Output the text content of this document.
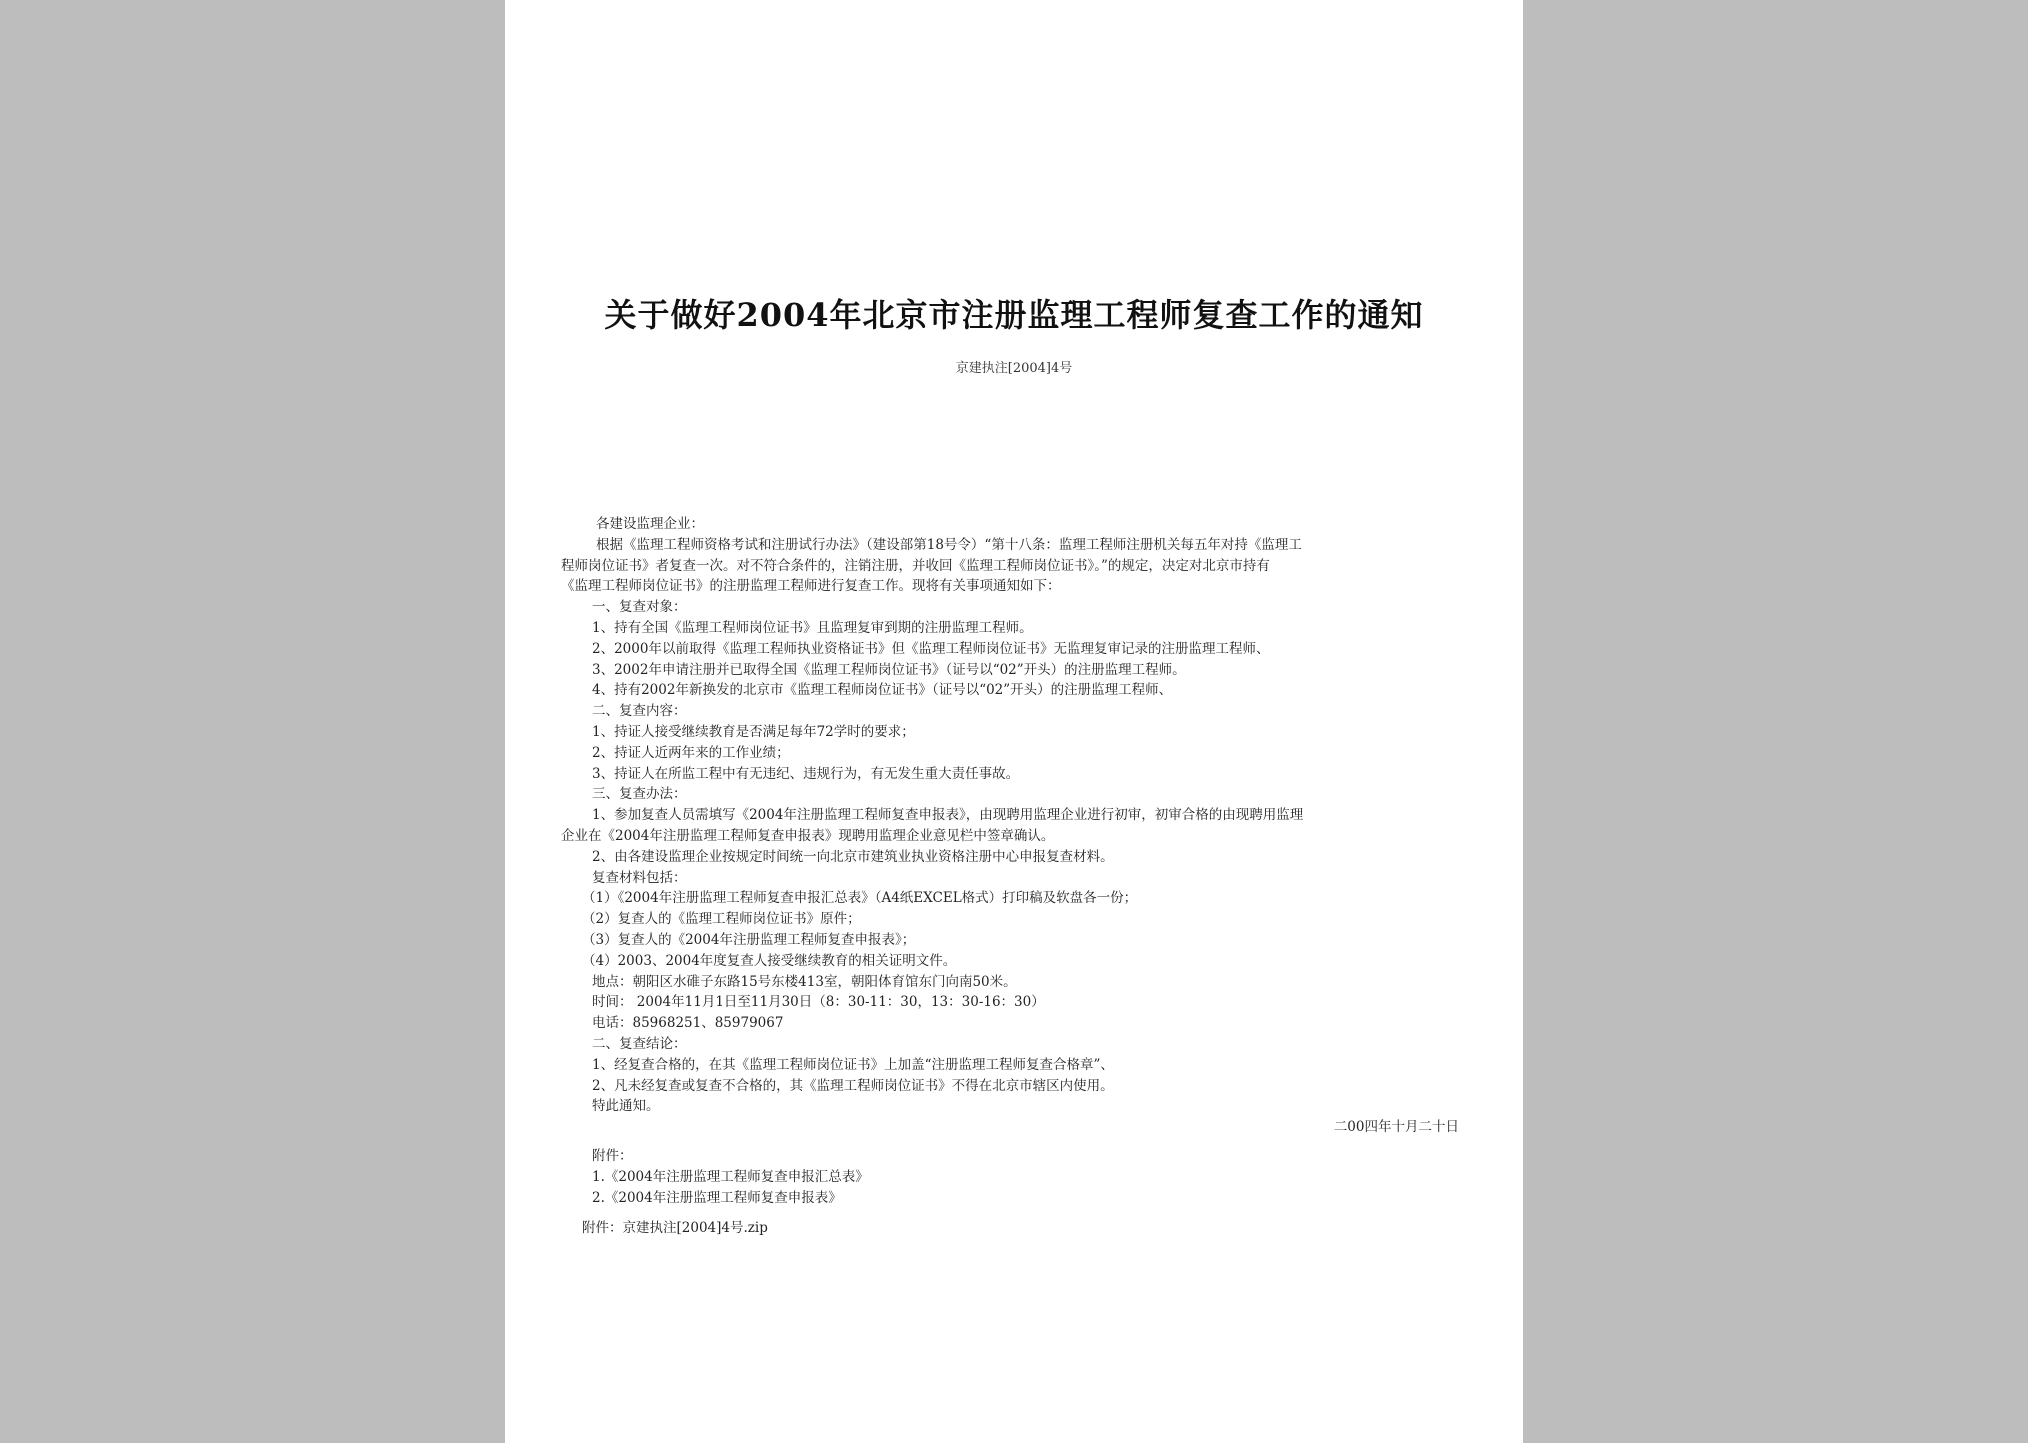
关于做好2004年北京市注册监理工程师复查工作的通知
京建执注[2004]4号
各建设监理企业：
根据《监理工程师资格考试和注册试行办法》（建设部第18号令）“第十八条：监理工程师注册机关每五年对持《监理工
程师岗位证书》者复查一次。对不符合条件的，注销注册，并收回《监理工程师岗位证书》。”的规定，决定对北京市持有
《监理工程师岗位证书》的注册监理工程师进行复查工作。现将有关事项通知如下：
一、复查对象：
1、持有全国《监理工程师岗位证书》且监理复审到期的注册监理工程师。
2、2000年以前取得《监理工程师执业资格证书》但《监理工程师岗位证书》无监理复审记录的注册监理工程师、
3、2002年申请注册并已取得全国《监理工程师岗位证书》（证号以“02”开头）的注册监理工程师。
4、持有2002年新换发的北京市《监理工程师岗位证书》（证号以“02”开头）的注册监理工程师、
二、复查内容：
1、持证人接受继续教育是否满足每年72学时的要求；
2、持证人近两年来的工作业绩；
3、持证人在所监工程中有无违纪、违规行为，有无发生重大责任事故。
三、复查办法：
1、参加复查人员需填写《2004年注册监理工程师复查申报表》，由现聘用监理企业进行初审，初审合格的由现聘用监理
企业在《2004年注册监理工程师复查申报表》现聘用监理企业意见栏中签章确认。
2、由各建设监理企业按规定时间统一向北京市建筑业执业资格注册中心申报复查材料。
复查材料包括：
（1）《2004年注册监理工程师复查申报汇总表》（A4纸EXCEL格式）打印稿及软盘各一份；
（2）复查人的《监理工程师岗位证书》原件；
（3）复查人的《2004年注册监理工程师复查申报表》；
（4）2003、2004年度复查人接受继续教育的相关证明文件。
地点：朝阳区水碓子东路15号东楼413室，朝阳体育馆东门向南50米。
时间： 2004年11月1日至11月30日（8：30-11：30，13：30-16：30）
电话：85968251、85979067
二、复查结论：
1、经复查合格的，在其《监理工程师岗位证书》上加盖“注册监理工程师复查合格章”、
2、凡未经复查或复查不合格的，其《监理工程师岗位证书》不得在北京市辖区内使用。
特此通知。
二00四年十月二十日
附件：
1.《2004年注册监理工程师复查申报汇总表》
2.《2004年注册监理工程师复查申报表》
附件：京建执注[2004]4号.zip
